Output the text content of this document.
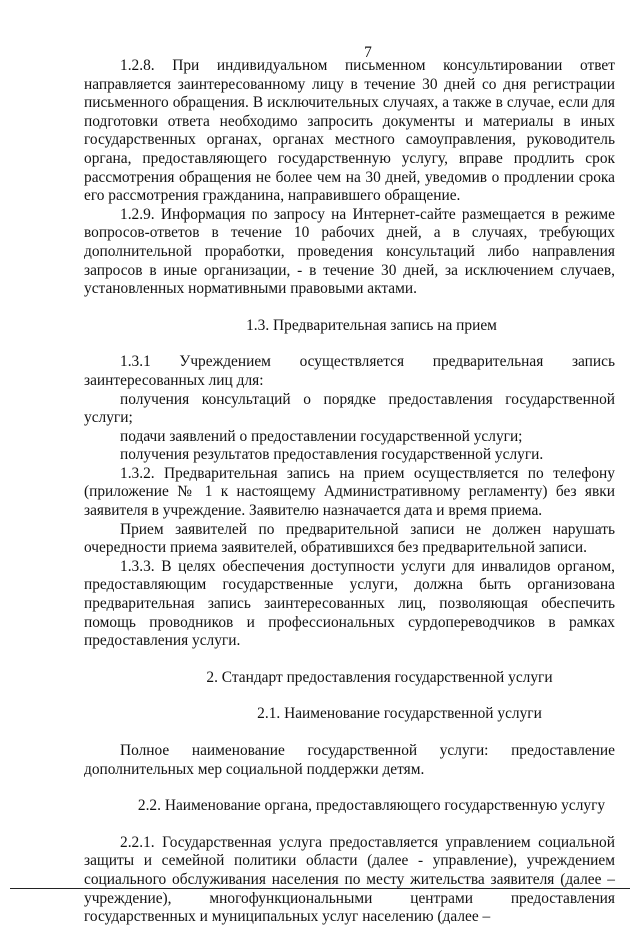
7

1.2.8. При индивидуальном письменном консультировании ответ направляется заинтересованному лицу в течение 30 дней со дня регистрации письменного обращения. В исключительных случаях, а также в случае, если для подготовки ответа необходимо запросить документы и материалы в иных государственных органах, органах местного самоуправления, руководитель органа, предоставляющего государственную услугу, вправе продлить срок рассмотрения обращения не более чем на 30 дней, уведомив о продлении срока его рассмотрения гражданина, направившего обращение.

1.2.9. Информация по запросу на Интернет-сайте размещается в режиме вопросов-ответов в течение 10 рабочих дней, а в случаях, требующих дополнительной проработки, проведения консультаций либо направления запросов в иные организации, - в течение 30 дней, за исключением случаев, установленных нормативными правовыми актами.

1.3. Предварительная запись на прием

1.3.1 Учреждением осуществляется предварительная запись заинтересованных лиц для:

получения консультаций о порядке предоставления государственной услуги;

подачи заявлений о предоставлении государственной услуги;

получения результатов предоставления государственной услуги.

1.3.2. Предварительная запись на прием осуществляется по телефону (приложение № 1 к настоящему Административному регламенту) без явки заявителя в учреждение. Заявителю назначается дата и время приема.

Прием заявителей по предварительной записи не должен нарушать очередности приема заявителей, обратившихся без предварительной записи.

1.3.3. В целях обеспечения доступности услуги для инвалидов органом, предоставляющим государственные услуги, должна быть организована предварительная запись заинтересованных лиц, позволяющая обеспечить помощь проводников и профессиональных сурдопереводчиков в рамках предоставления услуги.

2. Стандарт предоставления государственной услуги

2.1. Наименование государственной услуги

Полное наименование государственной услуги: предоставление дополнительных мер социальной поддержки детям.

2.2. Наименование органа, предоставляющего государственную услугу

2.2.1. Государственная услуга предоставляется управлением социальной защиты и семейной политики области (далее - управление), учреждением социального обслуживания населения по месту жительства заявителя (далее – учреждение), многофункциональными центрами предоставления государственных и муниципальных услуг населению (далее –
